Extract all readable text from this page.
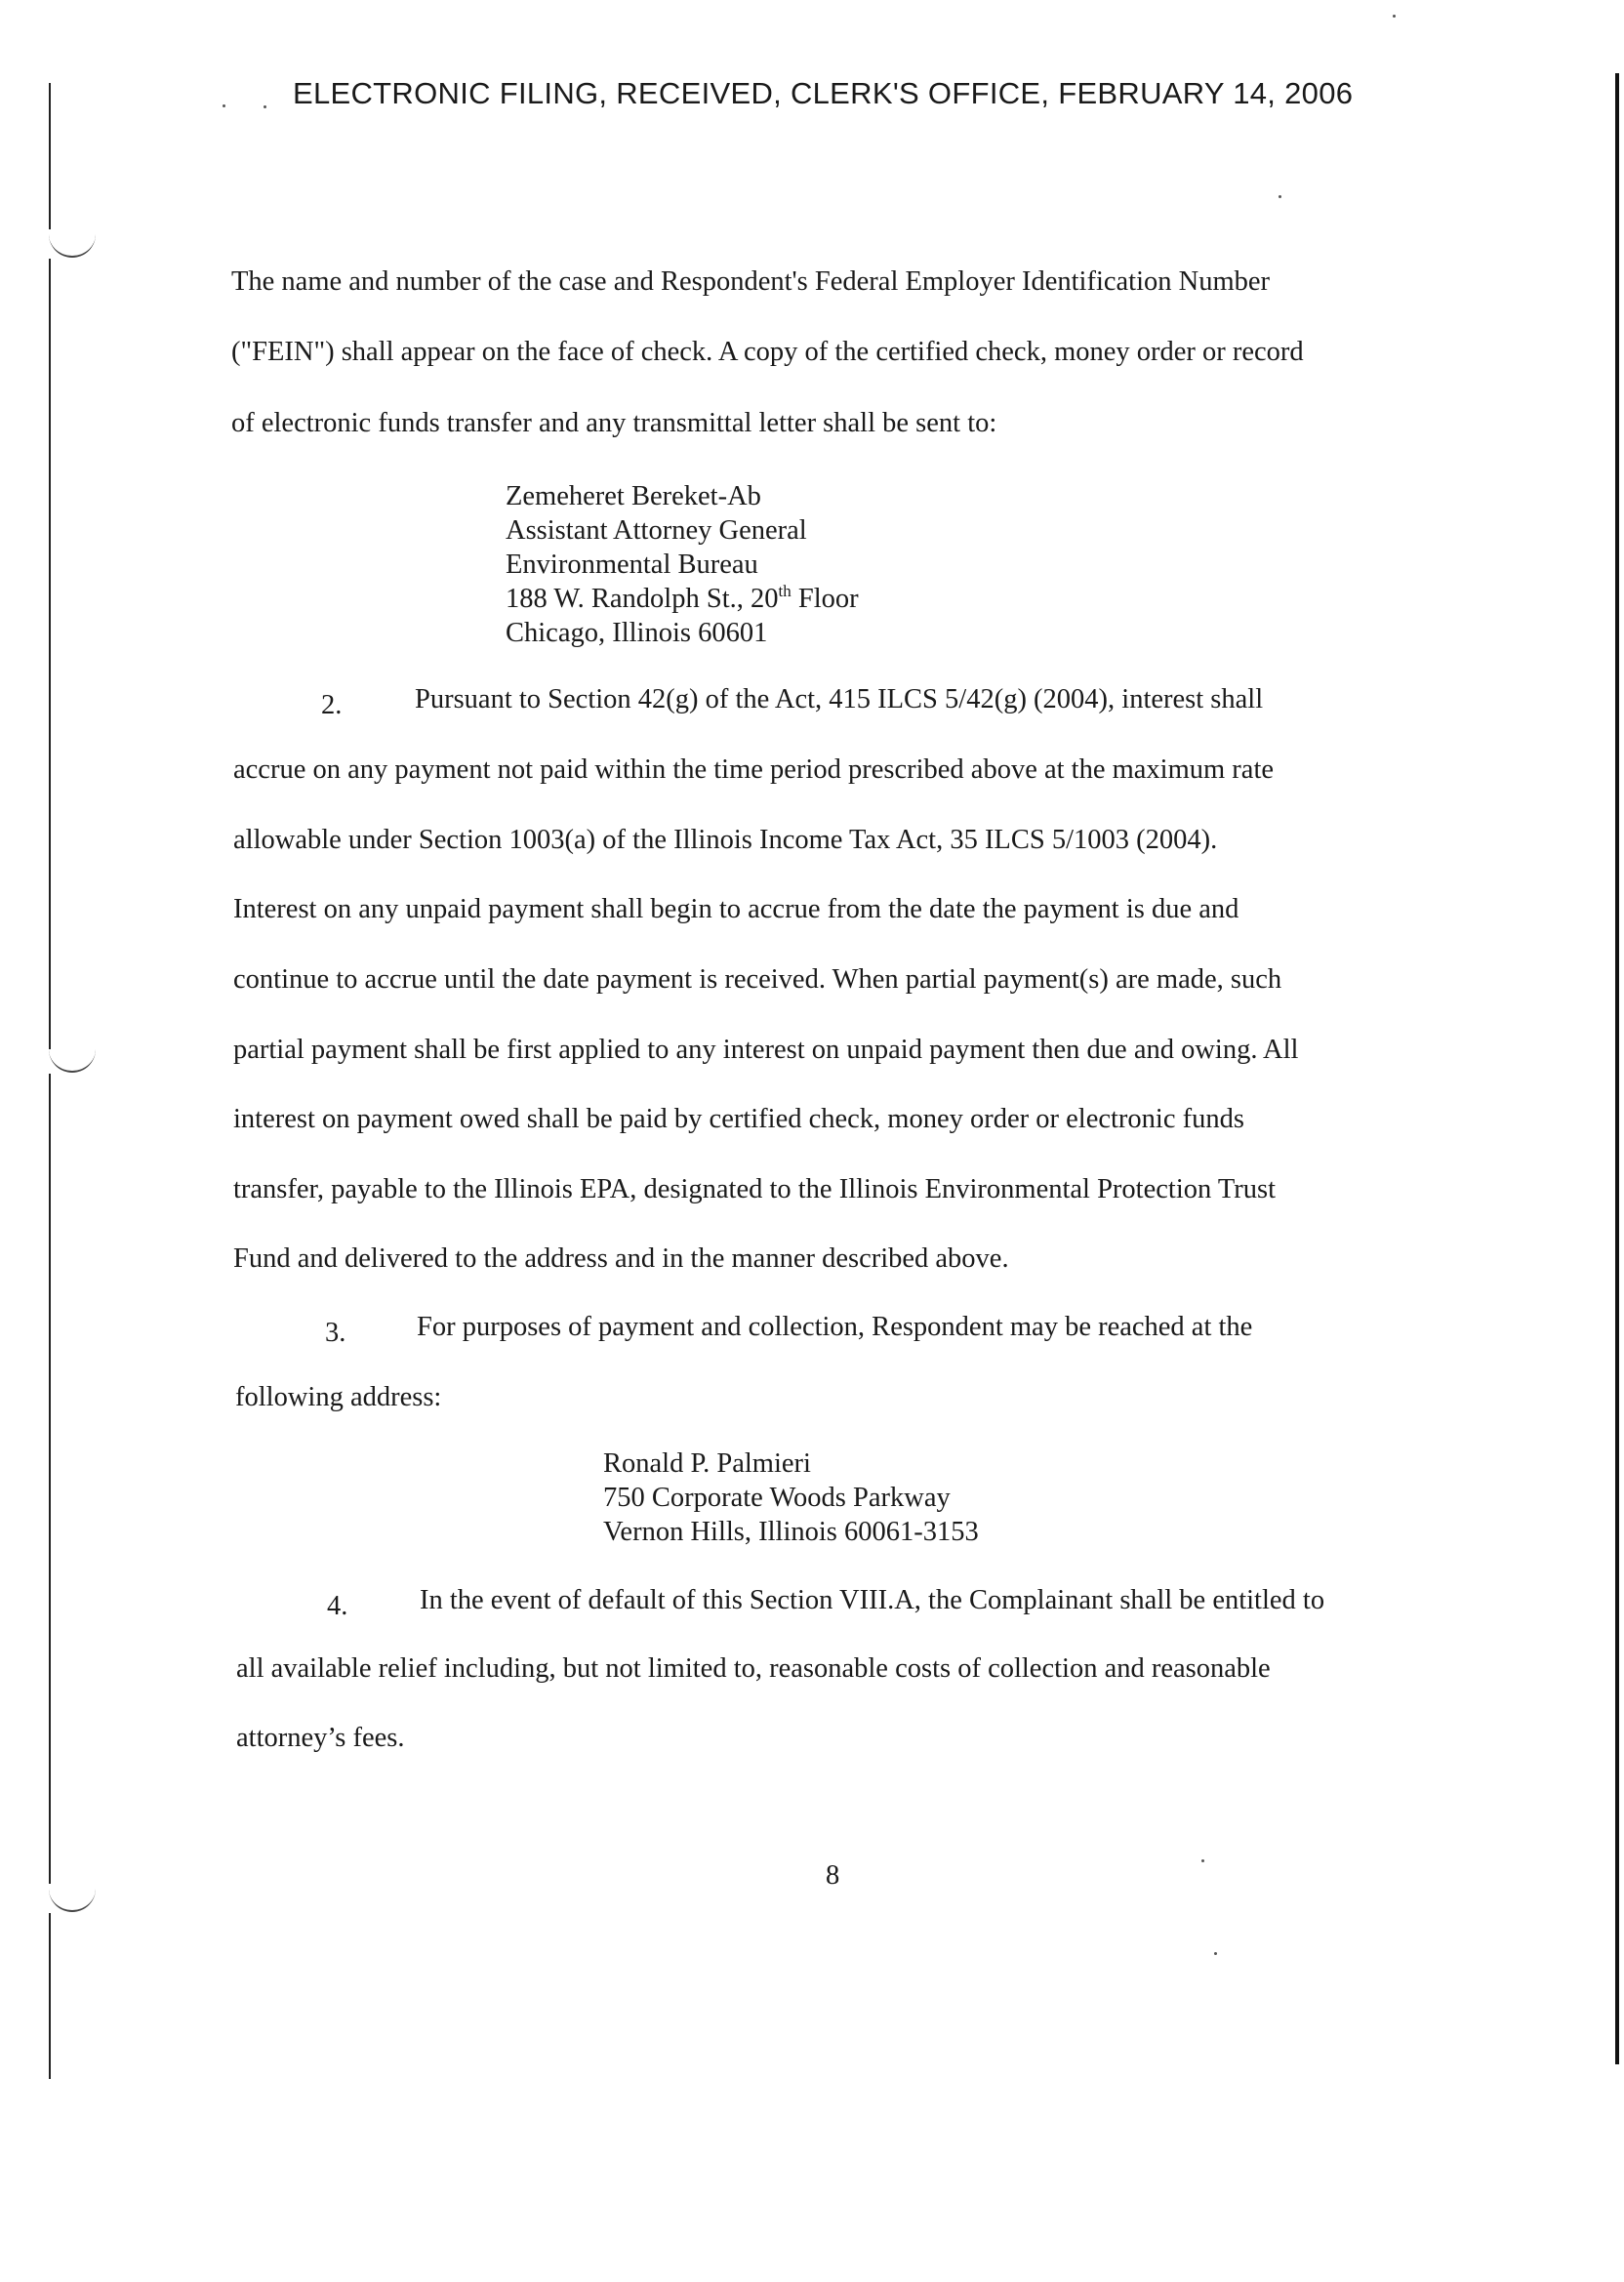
ELECTRONIC FILING, RECEIVED, CLERK'S OFFICE, FEBRUARY 14, 2006
The name and number of the case and Respondent's Federal Employer Identification Number
("FEIN") shall appear on the face of check. A copy of the certified check, money order or record
of electronic funds transfer and any transmittal letter shall be sent to:
Zemeheret Bereket-Ab
Assistant Attorney General
Environmental Bureau
188 W. Randolph St., 20th Floor
Chicago, Illinois 60601
2.	Pursuant to Section 42(g) of the Act, 415 ILCS 5/42(g) (2004), interest shall
accrue on any payment not paid within the time period prescribed above at the maximum rate
allowable under Section 1003(a) of the Illinois Income Tax Act, 35 ILCS 5/1003 (2004).
Interest on any unpaid payment shall begin to accrue from the date the payment is due and
continue to accrue until the date payment is received. When partial payment(s) are made, such
partial payment shall be first applied to any interest on unpaid payment then due and owing. All
interest on payment owed shall be paid by certified check, money order or electronic funds
transfer, payable to the Illinois EPA, designated to the Illinois Environmental Protection Trust
Fund and delivered to the address and in the manner described above.
3.	For purposes of payment and collection, Respondent may be reached at the
following address:
Ronald P. Palmieri
750 Corporate Woods Parkway
Vernon Hills, Illinois 60061-3153
4.	In the event of default of this Section VIII.A, the Complainant shall be entitled to
all available relief including, but not limited to, reasonable costs of collection and reasonable
attorney’s fees.
8
